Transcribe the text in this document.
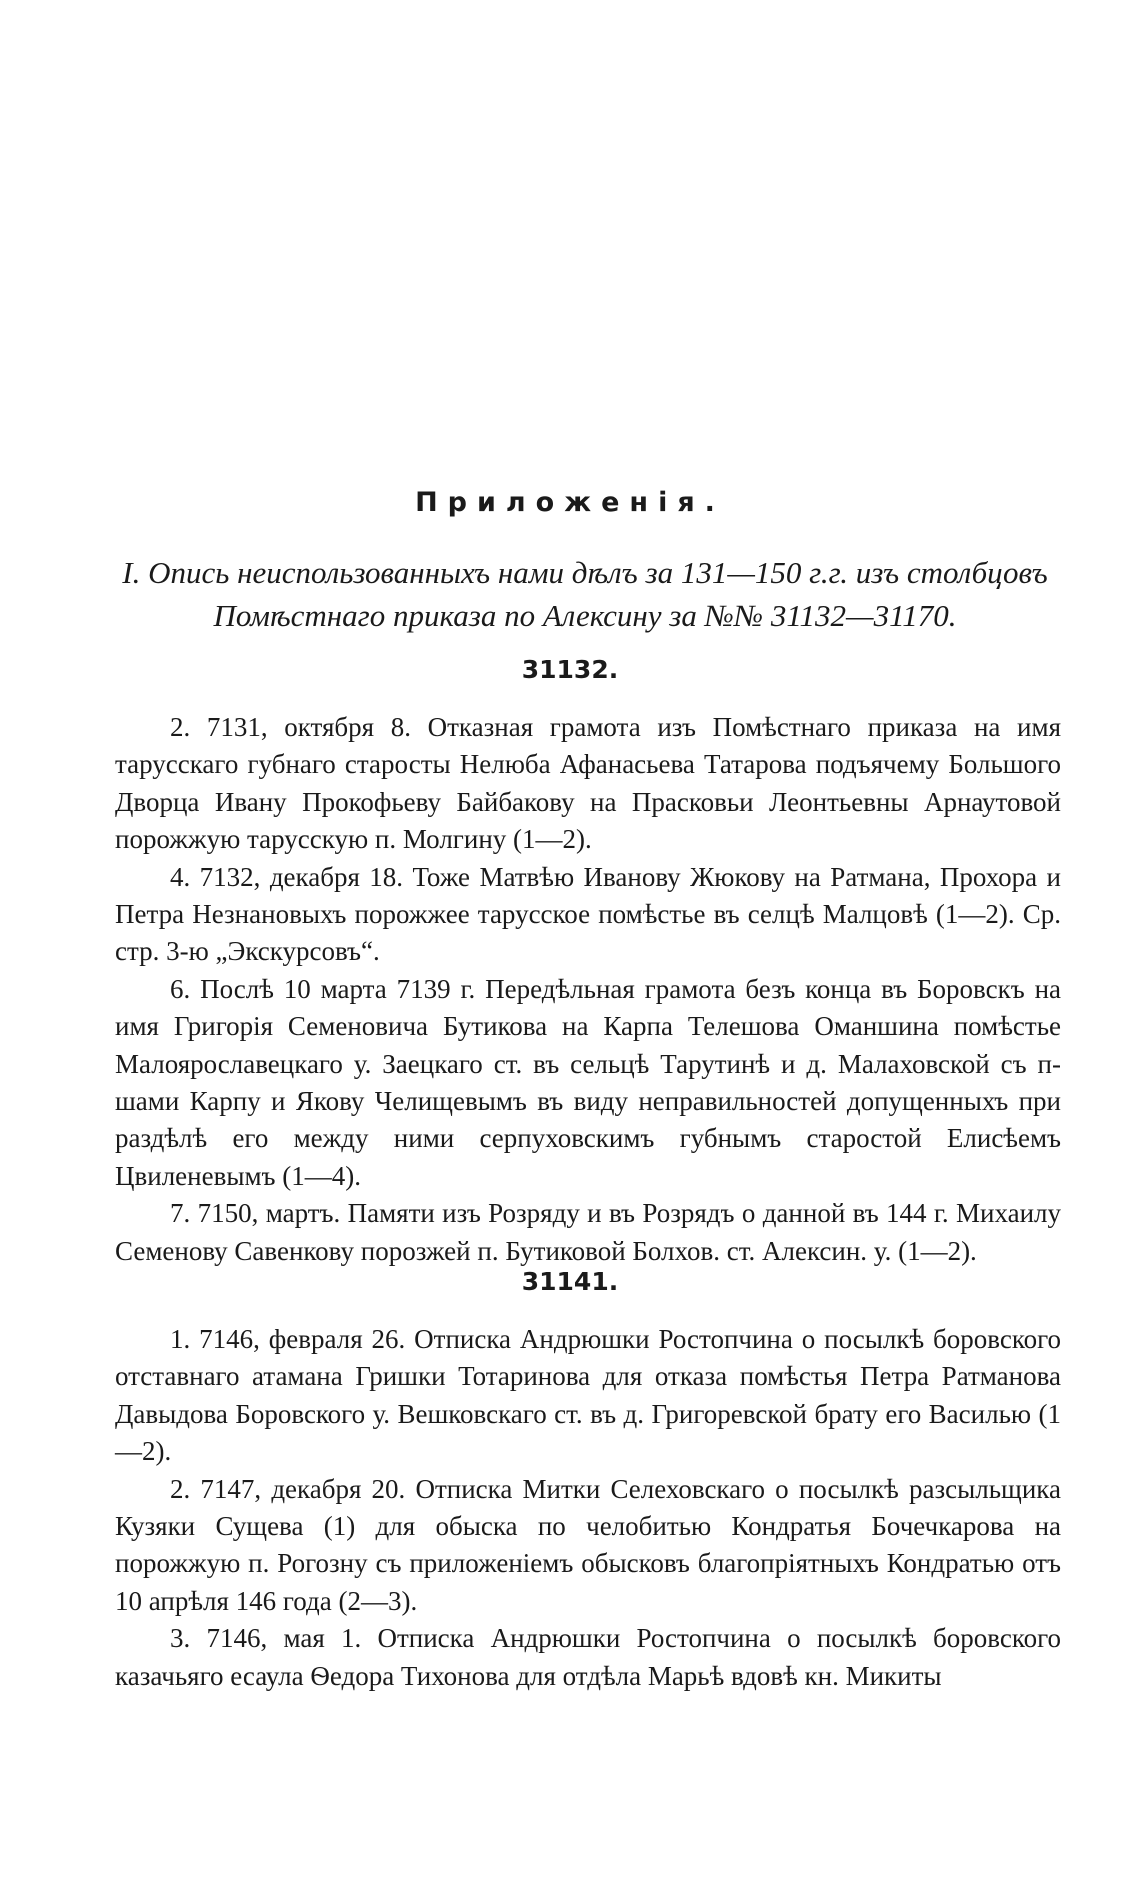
Приложенія.
I. Опись неиспользованныхъ нами дѣлъ за 131—150 г.г. изъ столбцовъ Помѣстнаго приказа по Алексину за №№ 31132—31170.
31132.

2. 7131, октября 8. Отказная грамота изъ Помѣстнаго приказа на имя тарусскаго губнаго старосты Нелюба Афанасьева Татарова подъячему Большого Дворца Ивану Прокофьеву Байбакову на Прасковьи Леонтьевны Арнаутовой порожжую тарусскую п. Молгину (1—2).

4. 7132, декабря 18. Тоже Матвѣю Иванову Жюкову на Ратмана, Прохора и Петра Незнановыхъ порожжее тарусское помѣстье въ селцѣ Малцовѣ (1—2). Ср. стр. 3-ю „Экскурсовъ“.

6. Послѣ 10 марта 7139 г. Передѣльная грамота безъ конца въ Боровскъ на имя Григорія Семеновича Бутикова на Карпа Телешова Оманшина помѣстье Малоярославецкаго у. Заецкаго ст. въ сельцѣ Тарутинѣ и д. Малаховской съ п-шами Карпу и Якову Челищевымъ въ виду неправильностей допущенныхъ при раздѣлѣ его между ними серпуховскимъ губнымъ старостой Елисѣемъ Цвиленевымъ (1—4).

7. 7150, мартъ. Памяти изъ Розряду и въ Розрядъ о данной въ 144 г. Михаилу Семенову Савенкову порозжей п. Бутиковой Болхов. ст. Алексин. у. (1—2).

31141.

1. 7146, февраля 26. Отписка Андрюшки Ростопчина о посылкѣ боровского отставнаго атамана Гришки Тотаринова для отказа помѣстья Петра Ратманова Давыдова Боровского у. Вешковскаго ст. въ д. Григоревской брату его Василью (1—2).

2. 7147, декабря 20. Отписка Митки Селеховскаго о посылкѣ разсыльщика Кузяки Сущева (1) для обыска по челобитью Кондратья Бочечкарова на порожжую п. Рогозну съ приложеніемъ обысковъ благопріятныхъ Кондратью отъ 10 апрѣля 146 года (2—3).

3. 7146, мая 1. Отписка Андрюшки Ростопчина о посылкѣ боровского казачьяго есаула Ѳедора Тихонова для отдѣла Марьѣ вдовѣ кн. Микиты
